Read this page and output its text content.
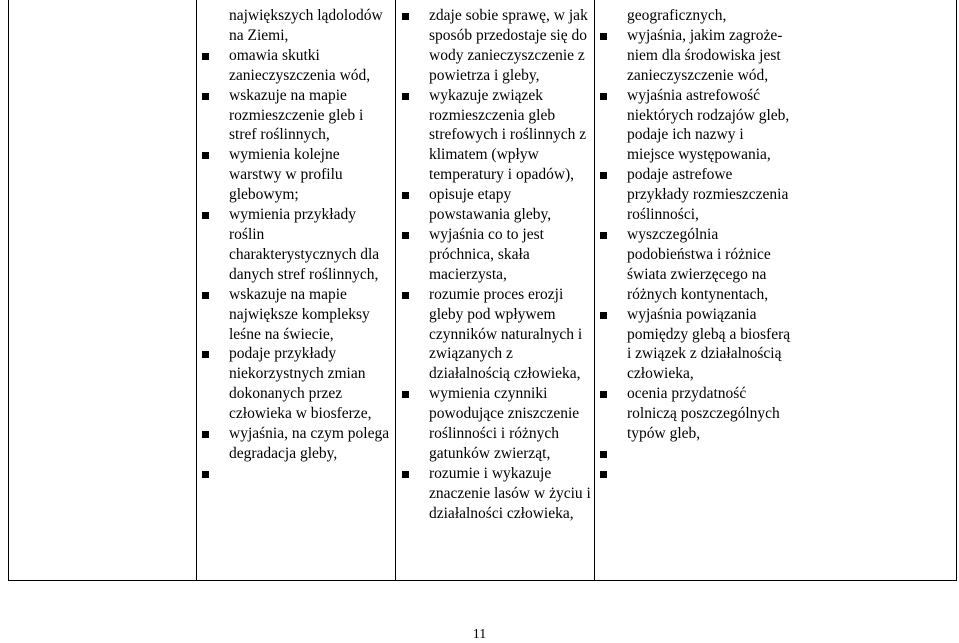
największych lądolodów na Ziemi,
omawia skutki zanieczyszczenia wód,
wskazuje na mapie rozmieszczenie gleb i stref roślinnych,
wymienia kolejne warstwy w profilu glebowym;
wymienia przykłady roślin charakterystycznych dla danych stref roślinnych,
wskazuje na mapie największe kompleksy leśne na świecie,
podaje przykłady niekorzystnych zmian dokonanych przez człowieka w biosferze,
wyjaśnia, na czym polega degradacja gleby,

zdaje sobie sprawę, w jak sposób przedostaje się do wody zanieczyszczenie z powietrza i gleby,
wykazuje związek rozmieszczenia gleb strefowych i roślinnych z klimatem (wpływ temperatury i opadów),
opisuje etapy powstawania gleby,
wyjaśnia co to jest próchnica, skała macierzysta,
rozumie proces erozji gleby pod wpływem czynników naturalnych i związanych z działalnością człowieka,
wymienia czynniki powodujące zniszczenie roślinności i różnych gatunków zwierząt,
rozumie i wykazuje znaczenie lasów w życiu i działalności człowieka,
geograficznych,
wyjaśnia, jakim zagroże-niem dla środowiska jest zanieczyszczenie wód,
wyjaśnia astrefowość niektórych rodzajów gleb, podaje ich nazwy i miejsce występowania,
podaje astrefowe przykłady rozmieszczenia roślinności,
wyszczególnia podobieństwa i różnice świata zwierzęcego na różnych kontynentach,
wyjaśnia powiązania pomiędzy glebą a biosferą i związek z działalnością człowieka,
ocenia przydatność rolniczą poszczególnych typów gleb,

11
